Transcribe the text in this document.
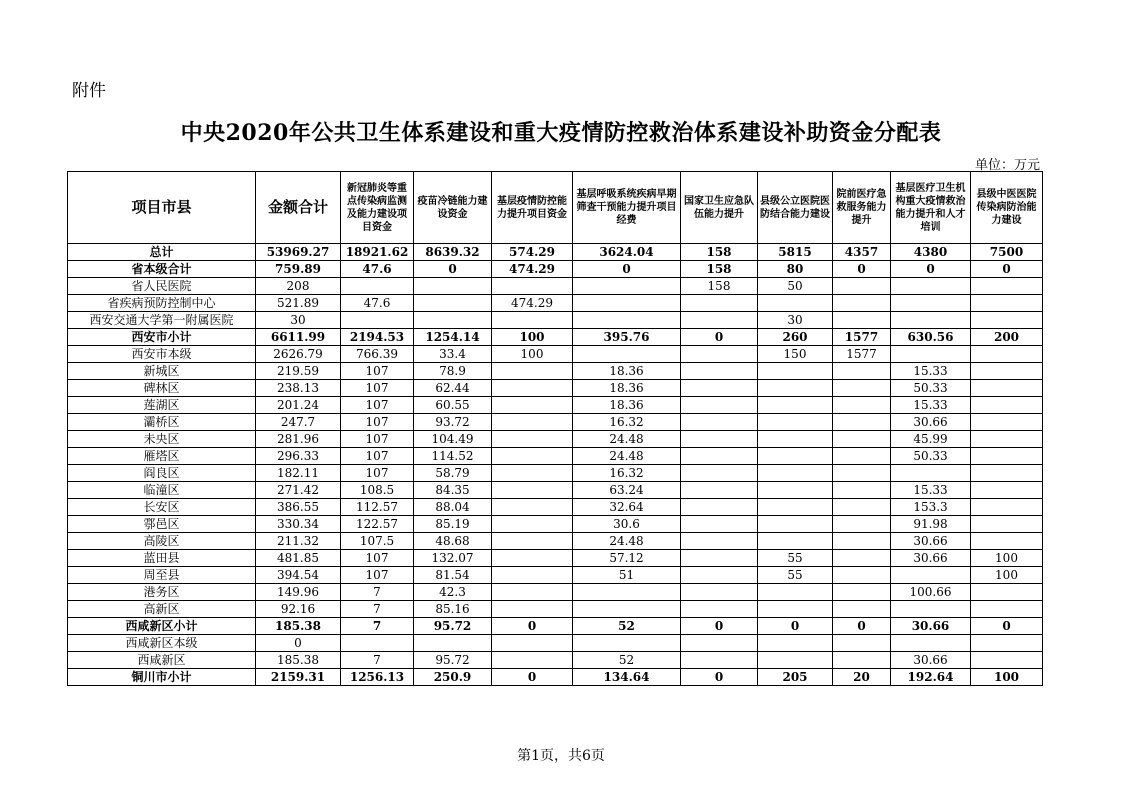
附件
中央2020年公共卫生体系建设和重大疫情防控救治体系建设补助资金分配表
单位：万元
项目市县	金额合计	新冠肺炎等重点传染病监测及能力建设项目资金	疫苗冷链能力建设资金	基层疫情防控能力提升项目资金	基层呼吸系统疾病早期筛查干预能力提升项目经费	国家卫生应急队伍能力提升	县级公立医院医防结合能力建设	院前医疗急救服务能力提升	基层医疗卫生机构重大疫情救治能力提升和人才培训	县级中医医院传染病防治能力建设
总计	53969.27	18921.62	8639.32	574.29	3624.04	158	5815	4357	4380	7500
省本级合计	759.89	47.6	0	474.29	0	158	80	0	0	0
省人民医院	208					158	50			
省疾病预防控制中心	521.89	47.6		474.29						
西安交通大学第一附属医院	30						30			
西安市小计	6611.99	2194.53	1254.14	100	395.76	0	260	1577	630.56	200
西安市本级	2626.79	766.39	33.4	100			150	1577		
新城区	219.59	107	78.9		18.36				15.33	
碑林区	238.13	107	62.44		18.36				50.33	
莲湖区	201.24	107	60.55		18.36				15.33	
灞桥区	247.7	107	93.72		16.32				30.66	
未央区	281.96	107	104.49		24.48				45.99	
雁塔区	296.33	107	114.52		24.48				50.33	
阎良区	182.11	107	58.79		16.32					
临潼区	271.42	108.5	84.35		63.24				15.33	
长安区	386.55	112.57	88.04		32.64				153.3	
鄠邑区	330.34	122.57	85.19		30.6				91.98	
高陵区	211.32	107.5	48.68		24.48				30.66	
蓝田县	481.85	107	132.07		57.12		55		30.66	100
周至县	394.54	107	81.54		51		55			100
港务区	149.96	7	42.3						100.66	
高新区	92.16	7	85.16							
西咸新区小计	185.38	7	95.72	0	52	0	0	0	30.66	0
西咸新区本级	0									
西咸新区	185.38	7	95.72		52				30.66	
铜川市小计	2159.31	1256.13	250.9	0	134.64	0	205	20	192.64	100
第1页，共6页
